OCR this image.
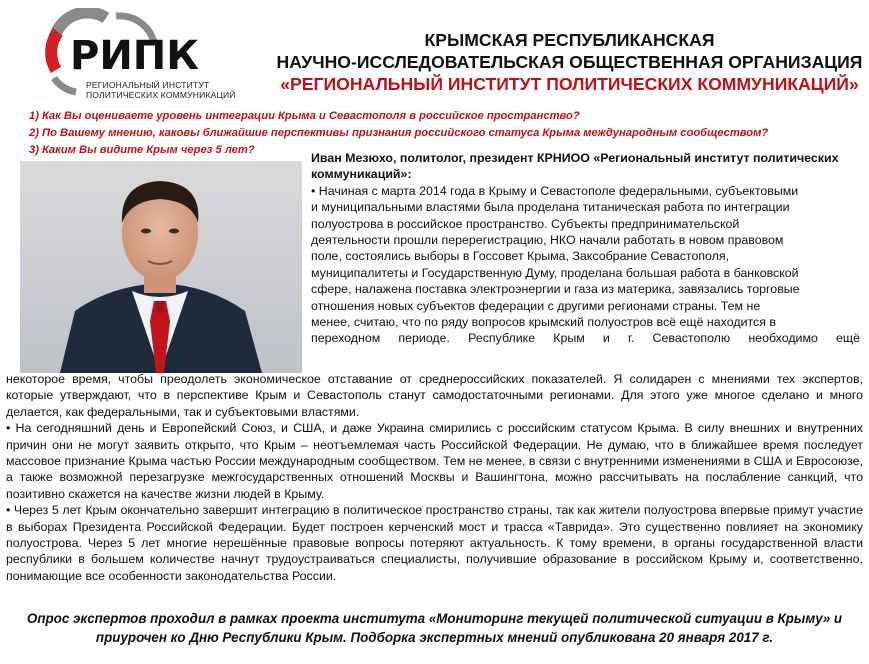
РИПК
РЕГИОНАЛЬНЫЙ ИНСТИТУТ ПОЛИТИЧЕСКИХ КОММУНИКАЦИЙ
КРЫМСКАЯ РЕСПУБЛИКАНСКАЯ
НАУЧНО-ИССЛЕДОВАТЕЛЬСКАЯ ОБЩЕСТВЕННАЯ ОРГАНИЗАЦИЯ
«РЕГИОНАЛЬНЫЙ ИНСТИТУТ ПОЛИТИЧЕСКИХ КОММУНИКАЦИЙ»
1) Как Вы оцениваете уровень интеграции Крыма и Севастополя в российское пространство?
2) По Вашему мнению, каковы ближайшие перспективы признания российского статуса Крыма международным сообществом?
3) Каким Вы видите Крым через 5 лет?
Иван Мезюхо, политолог, президент КРНИОО «Региональный институт политических коммуникаций»:
• Начиная с марта 2014 года в Крыму и Севастополе федеральными, субъектовыми
и муниципальными властями была проделана титаническая работа по интеграции
полуострова в российское пространство. Субъекты предпринимательской
деятельности прошли перерегистрацию, НКО начали работать в новом правовом
поле, состоялись выборы в Госсовет Крыма, Заксобрание Севастополя,
муниципалитеты и Государственную Думу, проделана большая работа в банковской
сфере, налажена поставка электроэнергии и газа из материка, завязались торговые
отношения новых субъектов федерации с другими регионами страны. Тем не
менее, считаю, что по ряду вопросов крымский полуостров всё ещё находится в
переходном периоде. Республике Крым и г. Севастополю необходимо ещё
некоторое время, чтобы преодолеть экономическое отставание от среднероссийских показателей. Я солидарен с мнениями тех экспертов, которые утверждают, что в перспективе Крым и Севастополь станут самодостаточными регионами. Для этого уже многое сделано и много делается, как федеральными, так и субъектовыми властями.
• На сегодняшний день и Европейский Союз, и США, и даже Украина смирились с российским статусом Крыма. В силу внешних и внутренних причин они не могут заявить открыто, что Крым – неотъемлемая часть Российской Федерации. Не думаю, что в ближайшее время последует массовое признание Крыма частью России международным сообществом. Тем не менее, в связи с внутренними изменениями в США и Евросоюзе, а также возможной перезагрузке межгосударственных отношений Москвы и Вашингтона, можно рассчитывать на послабление санкций, что позитивно скажется на качестве жизни людей в Крыму.
• Через 5 лет Крым окончательно завершит интеграцию в политическое пространство страны, так как жители полуострова впервые примут участие в выборах Президента Российской Федерации. Будет построен керченский мост и трасса «Таврида». Это существенно повлияет на экономику полуострова. Через 5 лет многие нерешённые правовые вопросы потеряют актуальность. К тому времени, в органы государственной власти республики в большем количестве начнут трудоустраиваться специалисты, получившие образование в российском Крыму и, соответственно, понимающие все особенности законодательства России.
Опрос экспертов проходил в рамках проекта института «Мониторинг текущей политической ситуации в Крыму» и приурочен ко Дню Республики Крым. Подборка экспертных мнений опубликована 20 января 2017 г.
